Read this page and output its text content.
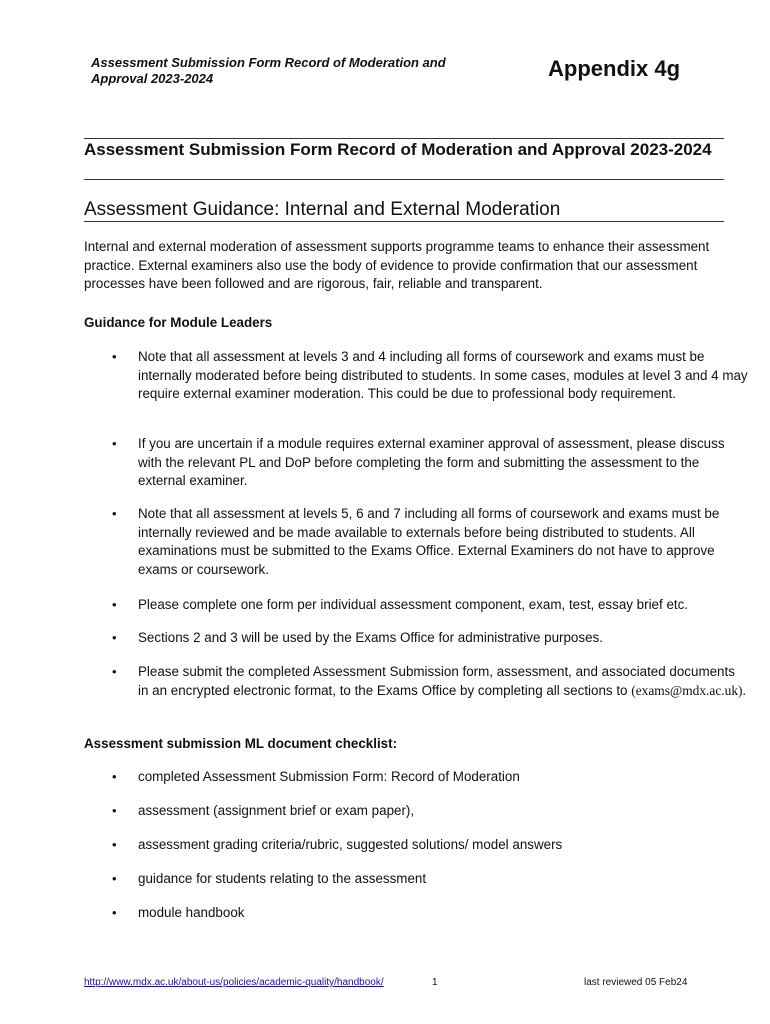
Assessment Submission Form Record of Moderation and Approval 2023-2024	Appendix 4g
Assessment Submission Form Record of Moderation and Approval 2023-2024
Assessment Guidance: Internal and External Moderation
Internal and external moderation of assessment supports programme teams to enhance their assessment practice. External examiners also use the body of evidence to provide confirmation that our assessment processes have been followed and are rigorous, fair, reliable and transparent.
Guidance for Module Leaders
• Note that all assessment at levels 3 and 4 including all forms of coursework and exams must be internally moderated before being distributed to students. In some cases, modules at level 3 and 4 may require external examiner moderation. This could be due to professional body requirement.
• If you are uncertain if a module requires external examiner approval of assessment, please discuss with the relevant PL and DoP before completing the form and submitting the assessment to the external examiner.
• Note that all assessment at levels 5, 6 and 7 including all forms of coursework and exams must be internally reviewed and be made available to externals before being distributed to students. All examinations must be submitted to the Exams Office. External Examiners do not have to approve exams or coursework.
• Please complete one form per individual assessment component, exam, test, essay brief etc.
• Sections 2 and 3 will be used by the Exams Office for administrative purposes.
• Please submit the completed Assessment Submission form, assessment, and associated documents in an encrypted electronic format, to the Exams Office by completing all sections to (exams@mdx.ac.uk).
Assessment submission ML document checklist:
• completed Assessment Submission Form: Record of Moderation
• assessment (assignment brief or exam paper),
• assessment grading criteria/rubric, suggested solutions/ model answers
• guidance for students relating to the assessment
• module handbook
http://www.mdx.ac.uk/about-us/policies/academic-quality/handbook/	1	last reviewed 05 Feb24
